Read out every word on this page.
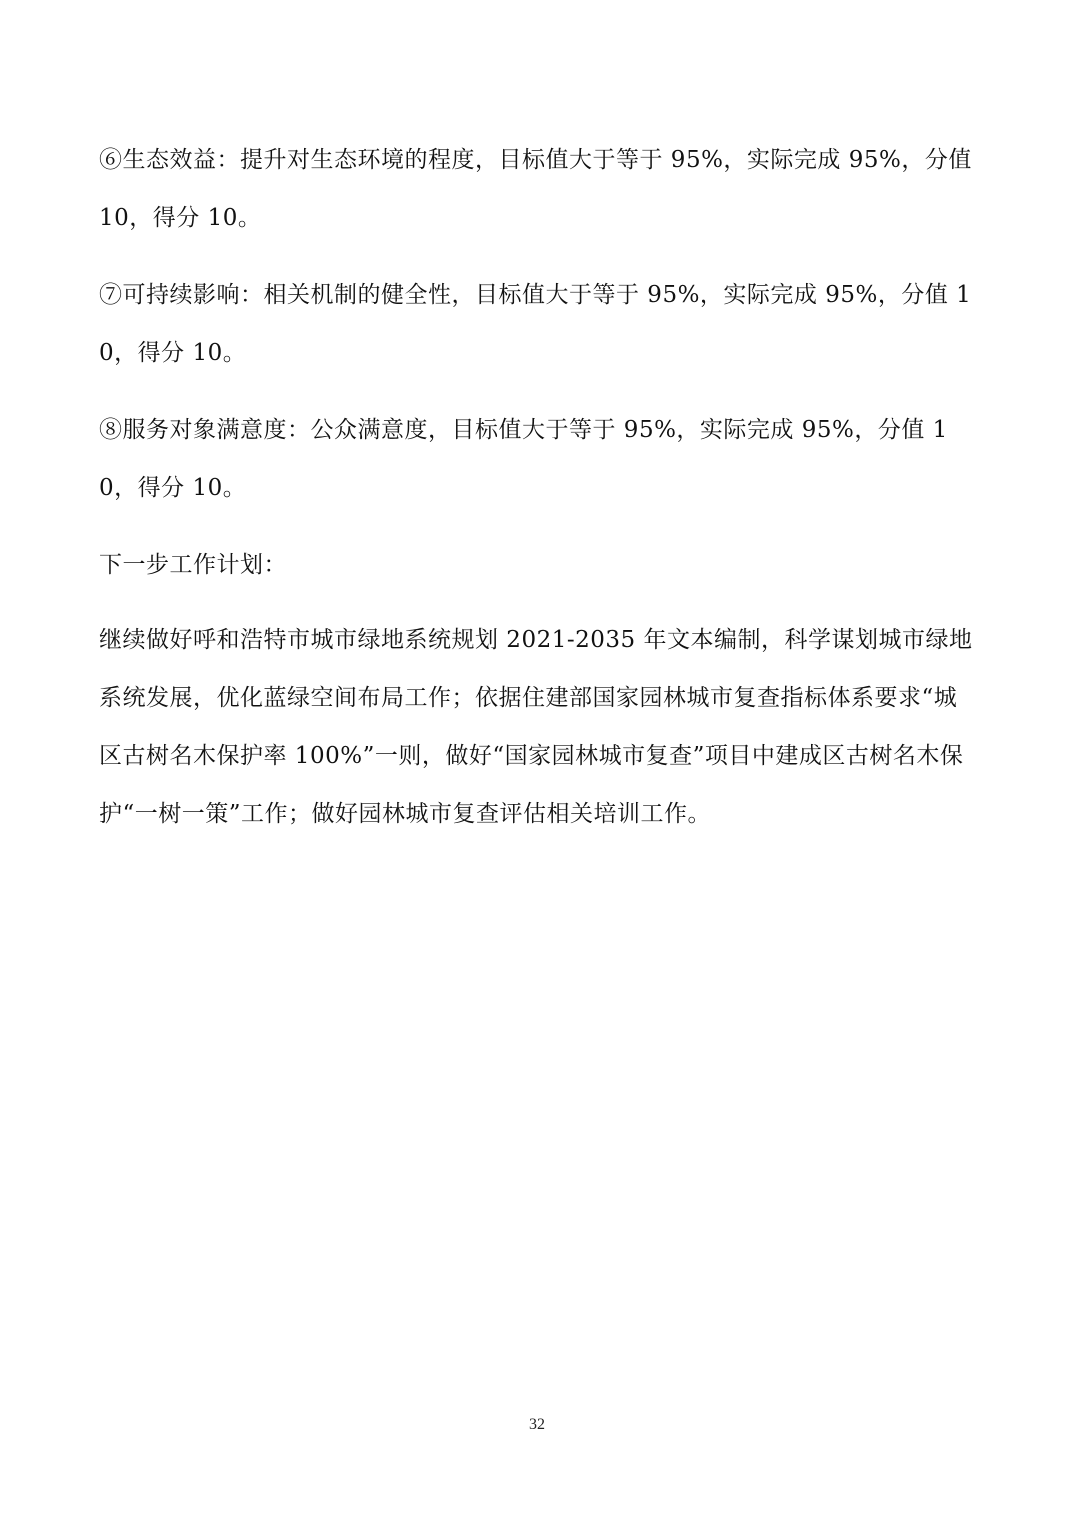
⑥生态效益：提升对生态环境的程度，目标值大于等于 95%，实际完成 95%，分值 10，得分 10。

⑦可持续影响：相关机制的健全性，目标值大于等于 95%，实际完成 95%，分值 10，得分 10。

⑧服务对象满意度：公众满意度，目标值大于等于 95%，实际完成 95%，分值 10，得分 10。

下一步工作计划：

继续做好呼和浩特市城市绿地系统规划 2021-2035 年文本编制，科学谋划城市绿地系统发展，优化蓝绿空间布局工作；依据住建部国家园林城市复查指标体系要求“城区古树名木保护率 100%”一则，做好“国家园林城市复查”项目中建成区古树名木保护“一树一策”工作；做好园林城市复查评估相关培训工作。

32
